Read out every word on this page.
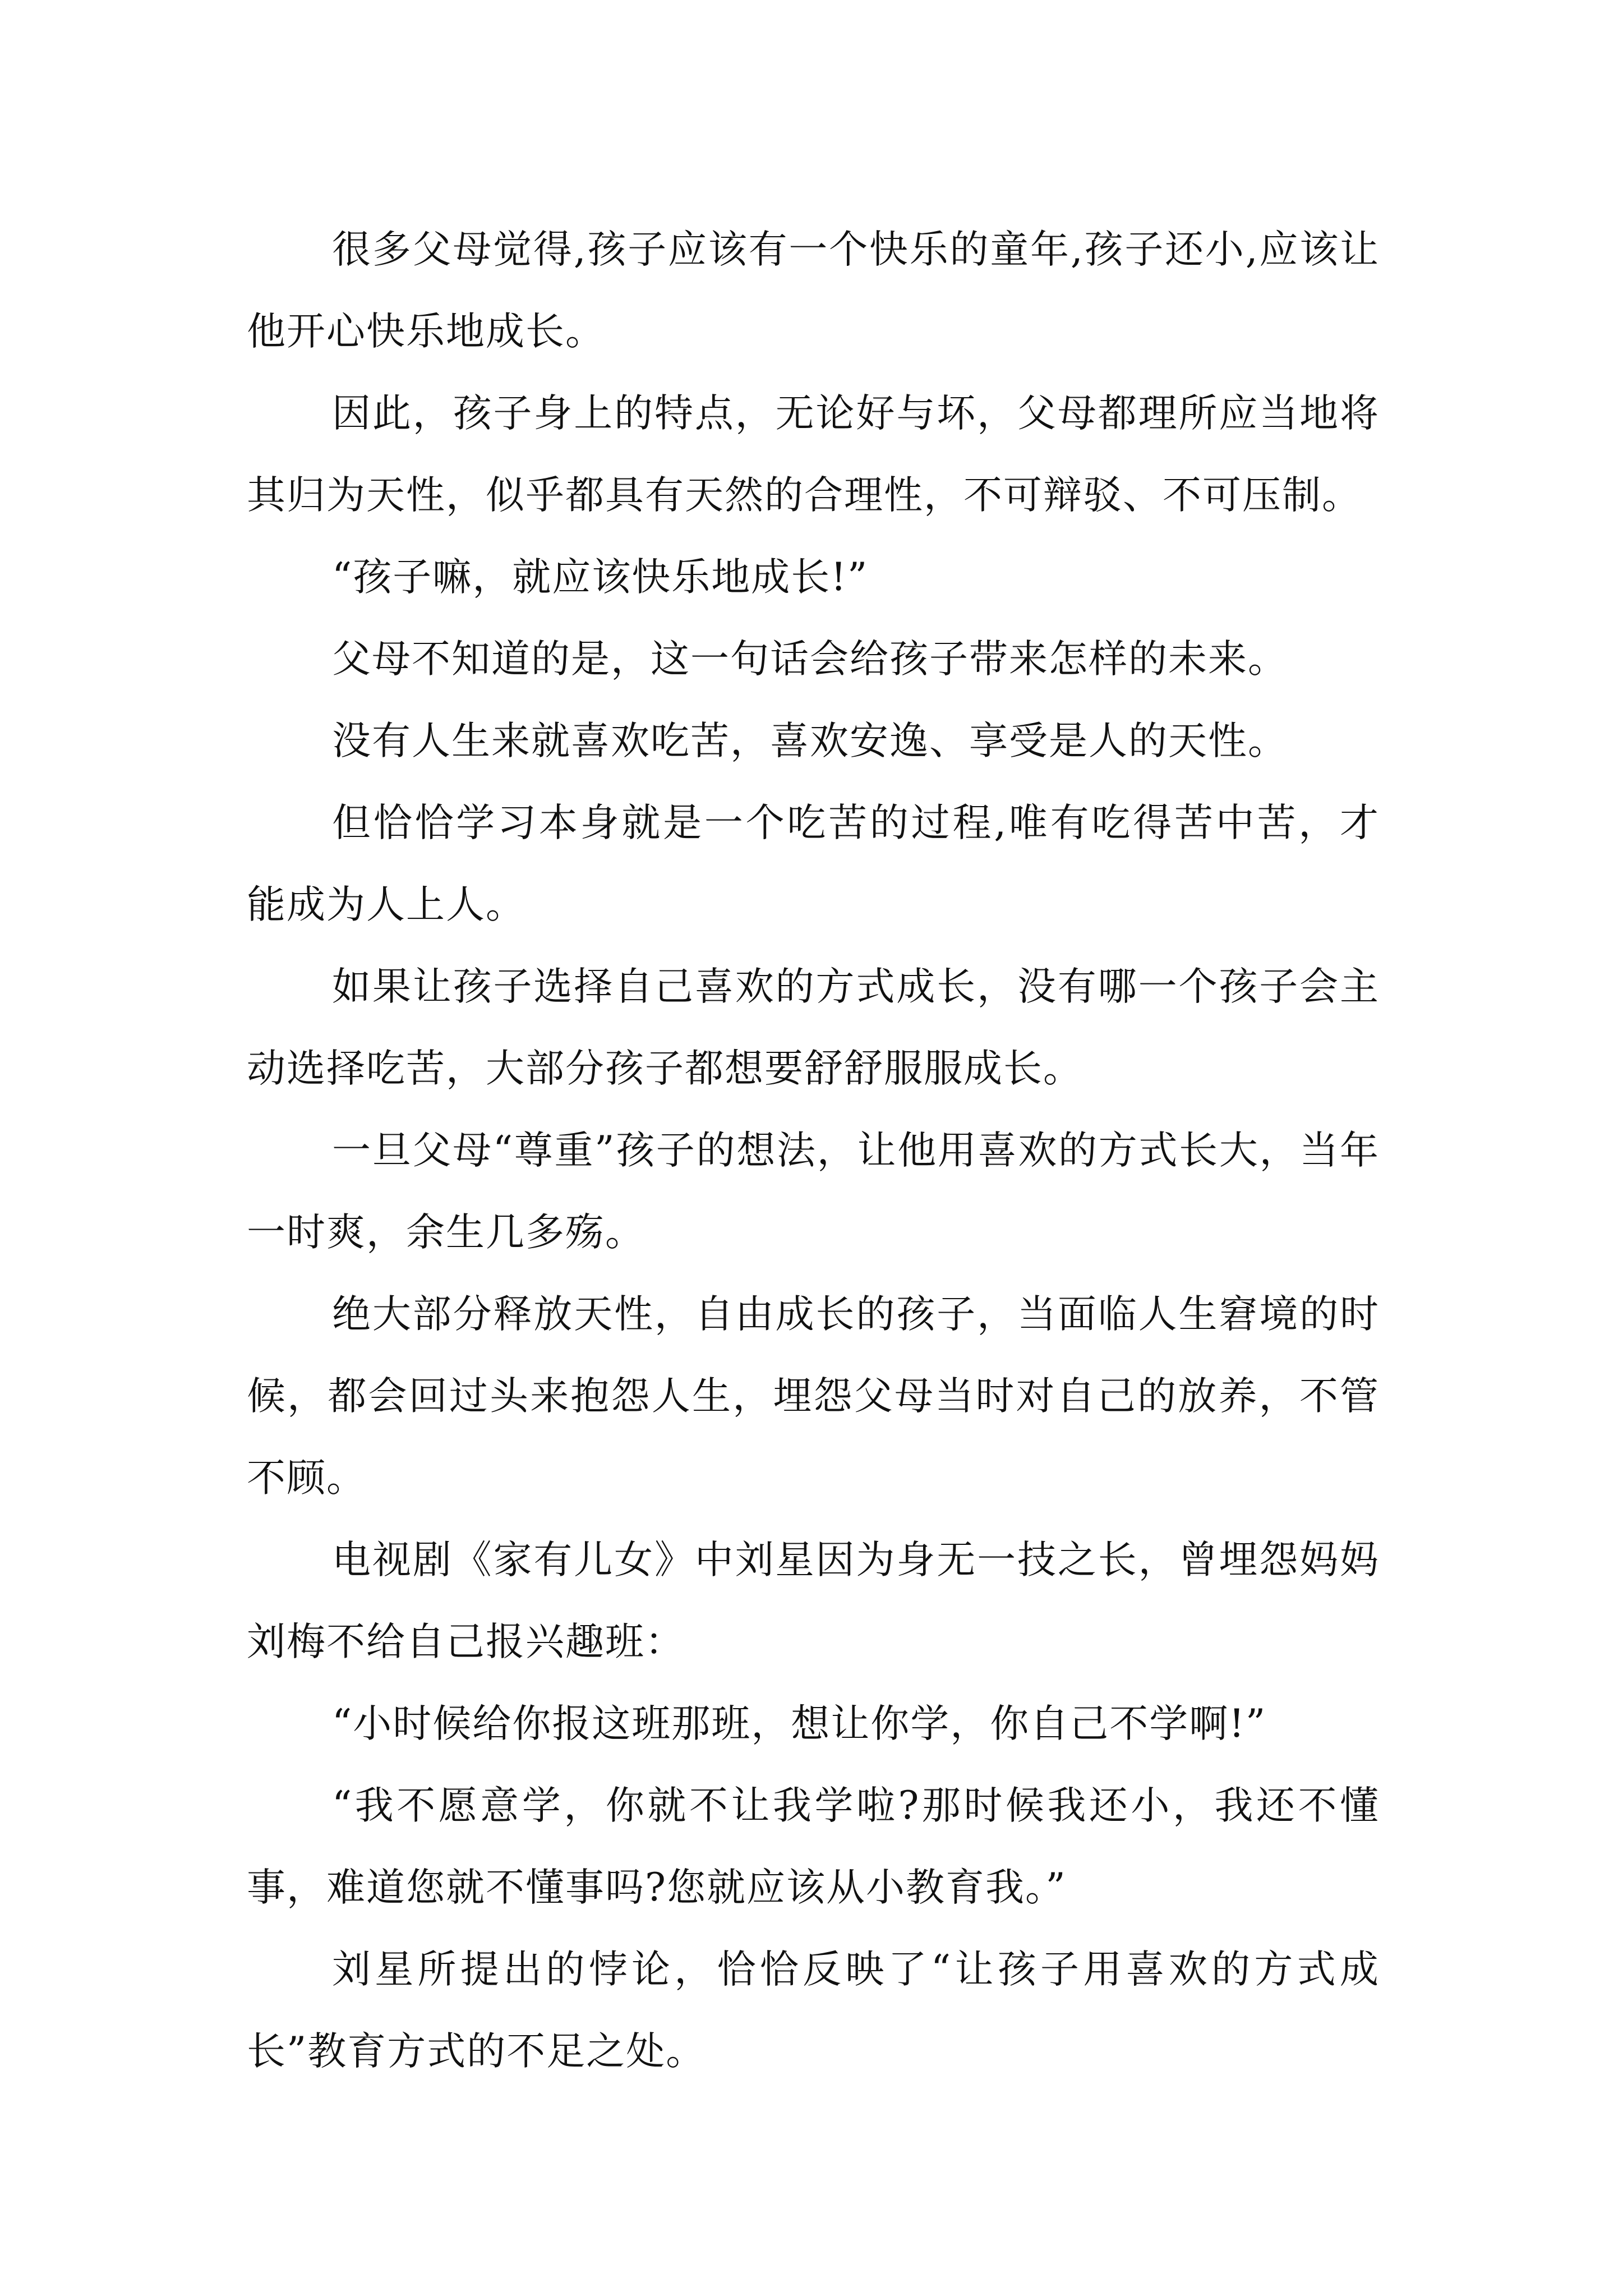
很多父母觉得,孩子应该有一个快乐的童年,孩子还小,应该让他开心快乐地成长。

因此，孩子身上的特点，无论好与坏，父母都理所应当地将其归为天性，似乎都具有天然的合理性，不可辩驳、不可压制。

“孩子嘛，就应该快乐地成长!”

父母不知道的是，这一句话会给孩子带来怎样的未来。

没有人生来就喜欢吃苦，喜欢安逸、享受是人的天性。

但恰恰学习本身就是一个吃苦的过程,唯有吃得苦中苦，才能成为人上人。

如果让孩子选择自己喜欢的方式成长，没有哪一个孩子会主动选择吃苦，大部分孩子都想要舒舒服服成长。

一旦父母“尊重”孩子的想法，让他用喜欢的方式长大，当年一时爽，余生几多殇。

绝大部分释放天性，自由成长的孩子，当面临人生窘境的时候，都会回过头来抱怨人生，埋怨父母当时对自己的放养，不管不顾。

电视剧《家有儿女》中刘星因为身无一技之长，曾埋怨妈妈刘梅不给自己报兴趣班：

“小时候给你报这班那班，想让你学，你自己不学啊!”

“我不愿意学，你就不让我学啦?那时候我还小，我还不懂事，难道您就不懂事吗?您就应该从小教育我。”

刘星所提出的悖论，恰恰反映了“让孩子用喜欢的方式成长”教育方式的不足之处。
